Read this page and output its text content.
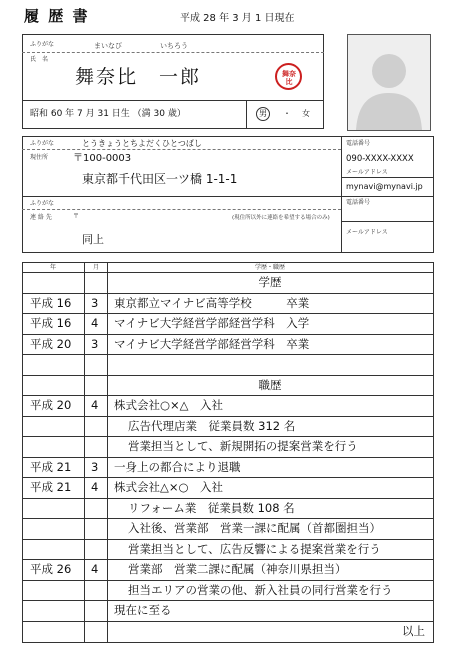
履 歴 書	平成 28 年 3 月 1 日現在
ふりがな	まいなび	いちろう
氏　名
舞奈比　一郎	舞奈比
昭和 60 年 7 月 31 日生 （満 30 歳）	男 ・ 女
ふりがな	とうきょうとちよだくひとつばし
現住所 〒100-0003
東京都千代田区一ツ橋 1-1-1
電話番号
090-XXXX-XXXX
メールアドレス
mynavi@mynavi.jp
ふりがな
連 絡 先	〒	(現住所以外に連絡を希望する場合のみ)
同上
電話番号
メールアドレス
年	月	学歴・職歴
学歴
平成 16 3 東京都立マイナビ高等学校　　　卒業
平成 16 4 マイナビ大学経営学部経営学科　入学
平成 20 3 マイナビ大学経営学部経営学科　卒業
職歴
平成 20 4 株式会社○×△　入社
広告代理店業　従業員数 312 名
営業担当として、新規開拓の提案営業を行う
平成 21 3 一身上の都合により退職
平成 21 4 株式会社△×○　入社
リフォーム業　従業員数 108 名
入社後、営業部　営業一課に配属（首都圏担当）
営業担当として、広告反響による提案営業を行う
平成 26 4	営業部　営業二課に配属（神奈川県担当）
担当エリアの営業の他、新入社員の同行営業を行う
現在に至る
以上
